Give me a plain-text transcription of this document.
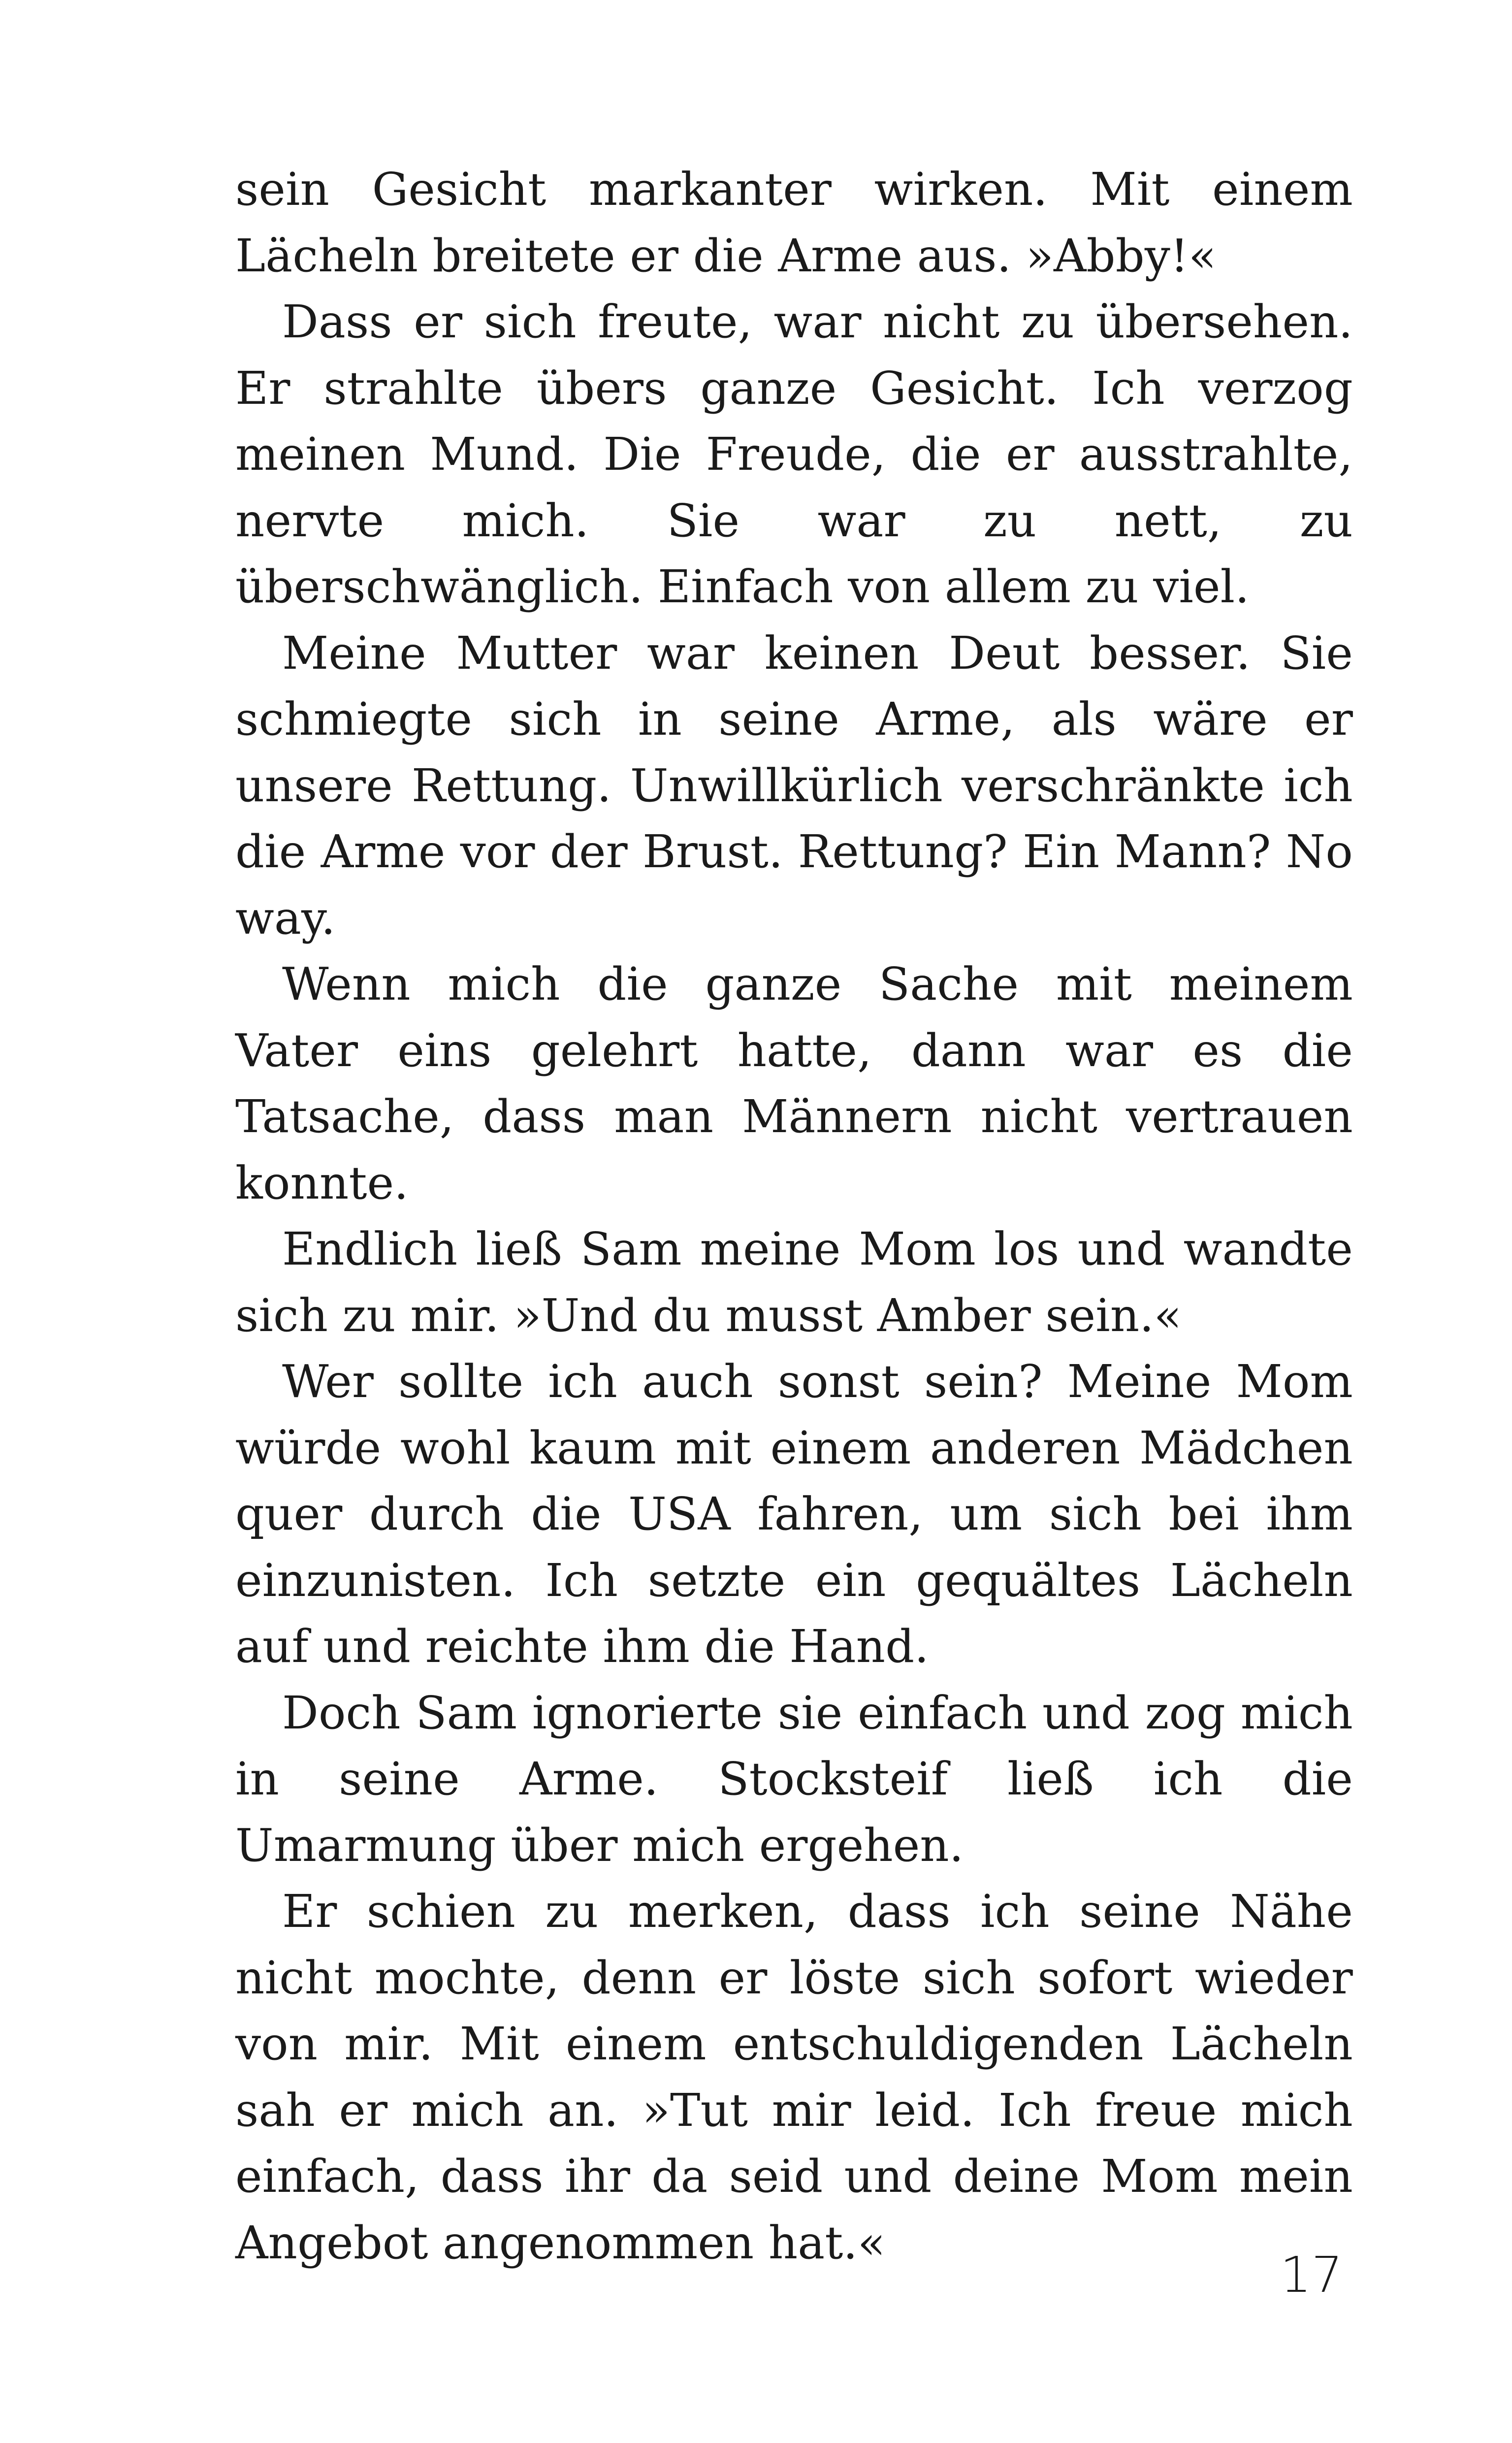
sein Gesicht markanter wirken. Mit einem Lächeln breitete er die Arme aus. »Abby!«

Dass er sich freute, war nicht zu übersehen. Er strahlte übers ganze Gesicht. Ich verzog meinen Mund. Die Freude, die er ausstrahlte, nervte mich. Sie war zu nett, zu überschwänglich. Einfach von allem zu viel.

Meine Mutter war keinen Deut besser. Sie schmiegte sich in seine Arme, als wäre er unsere Rettung. Unwillkürlich verschränkte ich die Arme vor der Brust. Rettung? Ein Mann? No way.

Wenn mich die ganze Sache mit meinem Vater eins gelehrt hatte, dann war es die Tatsache, dass man Männern nicht vertrauen konnte.

Endlich ließ Sam meine Mom los und wandte sich zu mir. »Und du musst Amber sein.«

Wer sollte ich auch sonst sein? Meine Mom würde wohl kaum mit einem anderen Mädchen quer durch die USA fahren, um sich bei ihm einzunisten. Ich setzte ein gequältes Lächeln auf und reichte ihm die Hand.

Doch Sam ignorierte sie einfach und zog mich in seine Arme. Stocksteif ließ ich die Umarmung über mich ergehen.

Er schien zu merken, dass ich seine Nähe nicht mochte, denn er löste sich sofort wieder von mir. Mit einem entschuldigenden Lächeln sah er mich an. »Tut mir leid. Ich freue mich einfach, dass ihr da seid und deine Mom mein Angebot angenommen hat.«

17
